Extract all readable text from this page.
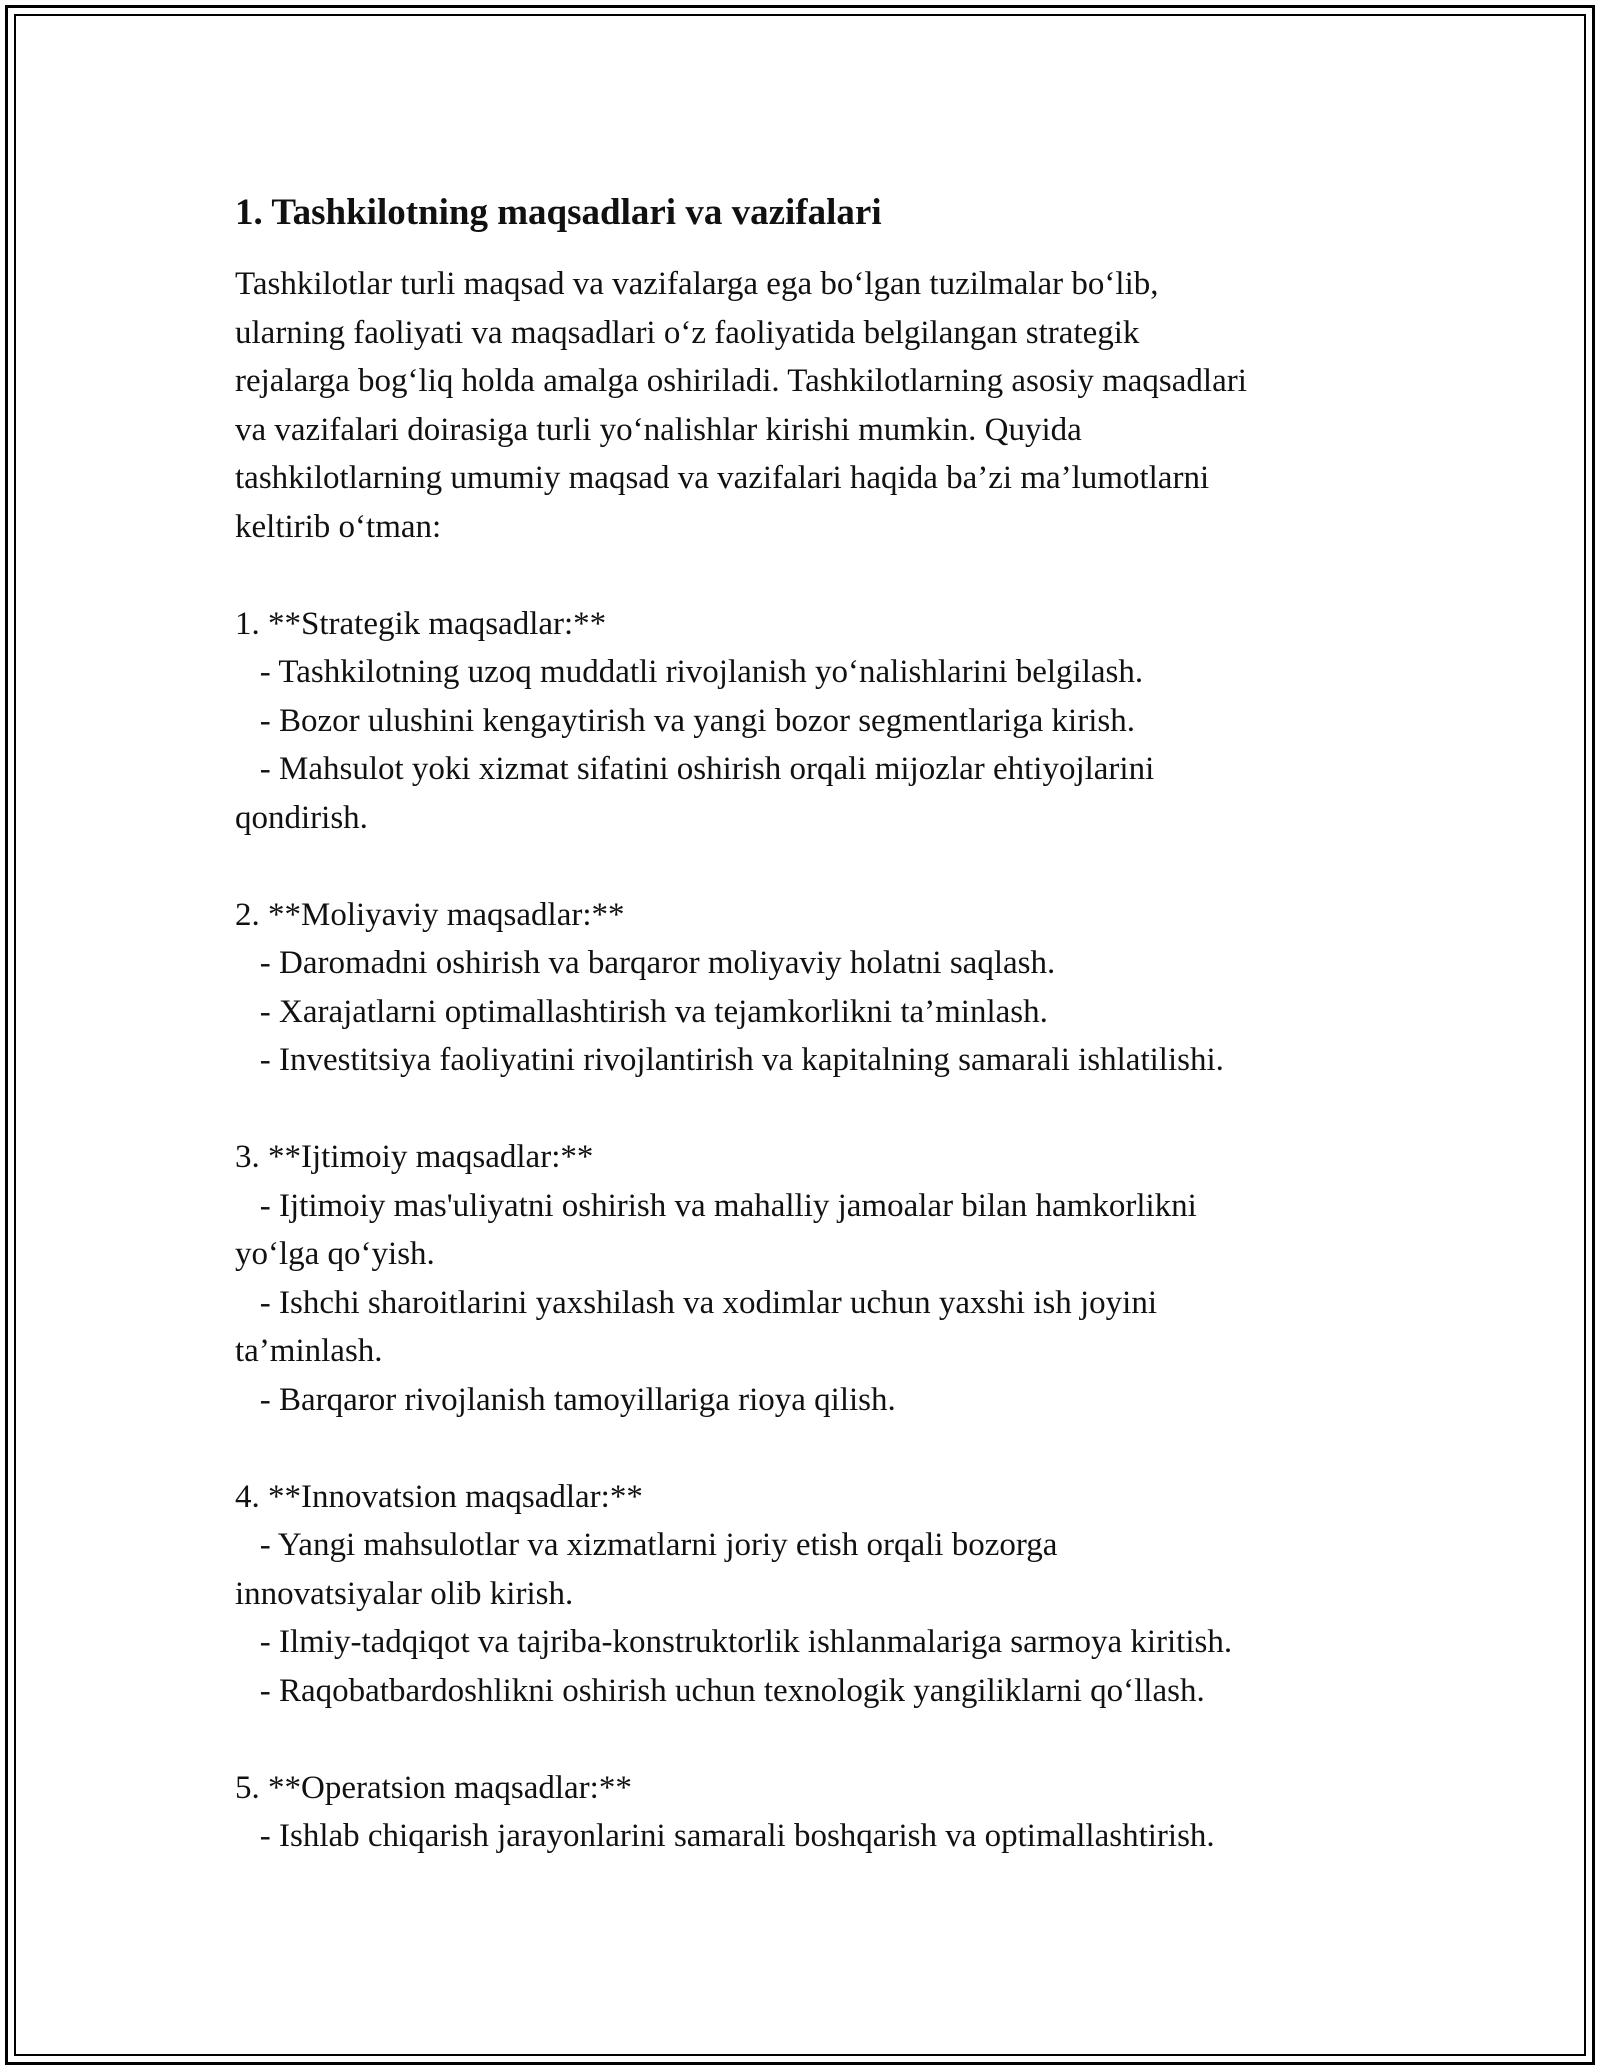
1. Tashkilotning maqsadlari va vazifalari
Tashkilotlar turli maqsad va vazifalarga ega bo‘lgan tuzilmalar bo‘lib,
ularning faoliyati va maqsadlari o‘z faoliyatida belgilangan strategik
rejalarga bog‘liq holda amalga oshiriladi. Tashkilotlarning asosiy maqsadlari
va vazifalari doirasiga turli yo‘nalishlar kirishi mumkin. Quyida
tashkilotlarning umumiy maqsad va vazifalari haqida ba’zi ma’lumotlarni
keltirib o‘tman:
1. **Strategik maqsadlar:**
- Tashkilotning uzoq muddatli rivojlanish yo‘nalishlarini belgilash.
- Bozor ulushini kengaytirish va yangi bozor segmentlariga kirish.
- Mahsulot yoki xizmat sifatini oshirish orqali mijozlar ehtiyojlarini
qondirish.
2. **Moliyaviy maqsadlar:**
- Daromadni oshirish va barqaror moliyaviy holatni saqlash.
- Xarajatlarni optimallashtirish va tejamkorlikni ta’minlash.
- Investitsiya faoliyatini rivojlantirish va kapitalning samarali ishlatilishi.
3. **Ijtimoiy maqsadlar:**
- Ijtimoiy mas'uliyatni oshirish va mahalliy jamoalar bilan hamkorlikni
yo‘lga qo‘yish.
- Ishchi sharoitlarini yaxshilash va xodimlar uchun yaxshi ish joyini
ta’minlash.
- Barqaror rivojlanish tamoyillariga rioya qilish.
4. **Innovatsion maqsadlar:**
- Yangi mahsulotlar va xizmatlarni joriy etish orqali bozorga
innovatsiyalar olib kirish.
- Ilmiy-tadqiqot va tajriba-konstruktorlik ishlanmalariga sarmoya kiritish.
- Raqobatbardoshlikni oshirish uchun texnologik yangiliklarni qo‘llash.
5. **Operatsion maqsadlar:**
- Ishlab chiqarish jarayonlarini samarali boshqarish va optimallashtirish.
